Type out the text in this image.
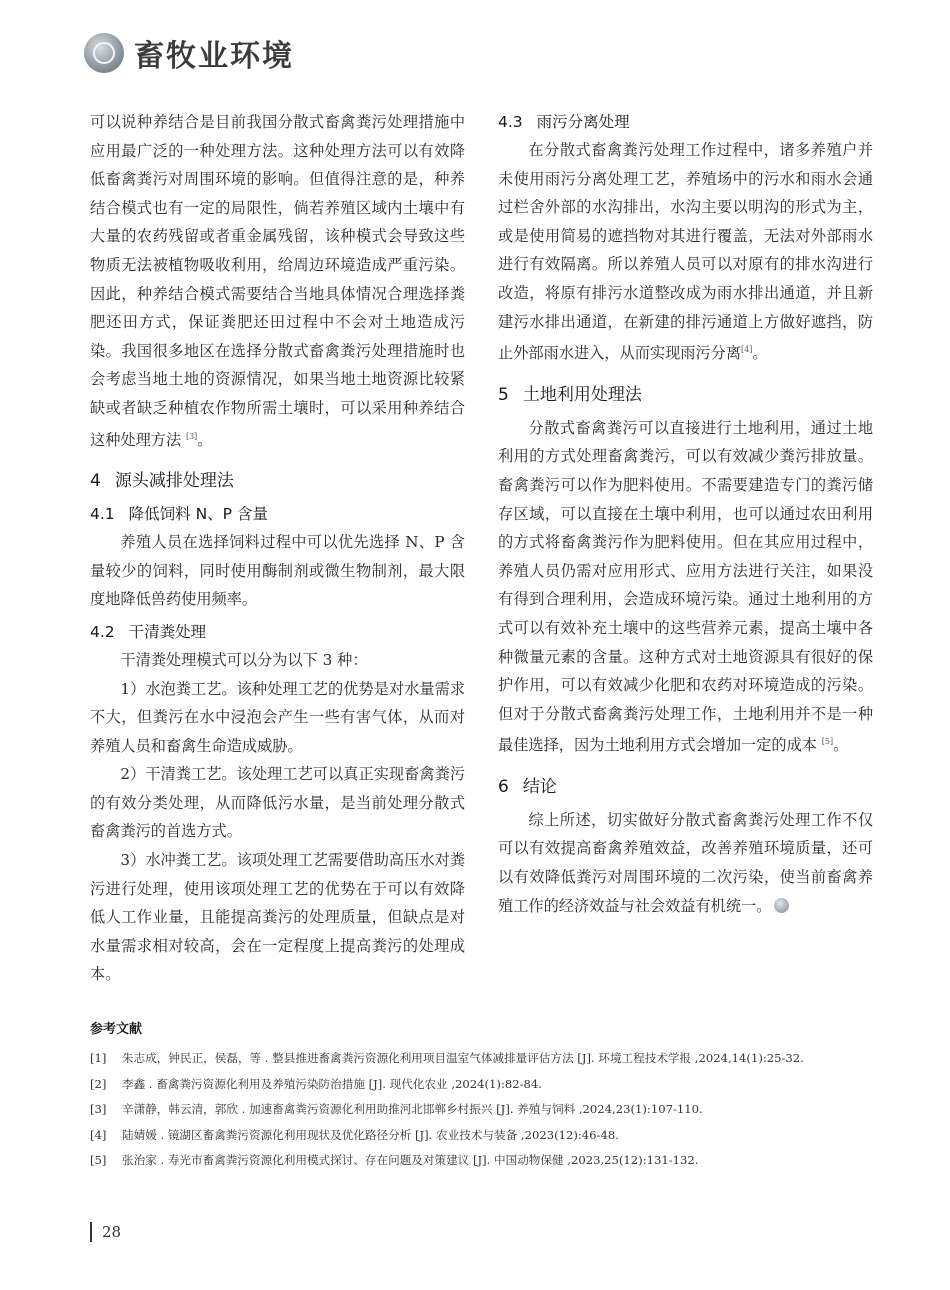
畜牧业环境

可以说种养结合是目前我国分散式畜禽粪污处理措施中应用最广泛的一种处理方法。这种处理方法可以有效降低畜禽粪污对周围环境的影响。但值得注意的是，种养结合模式也有一定的局限性，倘若养殖区域内土壤中有大量的农药残留或者重金属残留，该种模式会导致这些物质无法被植物吸收利用，给周边环境造成严重污染。因此，种养结合模式需要结合当地具体情况合理选择粪肥还田方式，保证粪肥还田过程中不会对土地造成污染。我国很多地区在选择分散式畜禽粪污处理措施时也会考虑当地土地的资源情况，如果当地土地资源比较紧缺或者缺乏种植农作物所需土壤时，可以采用种养结合这种处理方法 [3]。

4 源头减排处理法
4.1 降低饲料 N、P 含量

养殖人员在选择饲料过程中可以优先选择 N、P 含量较少的饲料，同时使用酶制剂或微生物制剂，最大限度地降低兽药使用频率。

4.2 干清粪处理

干清粪处理模式可以分为以下 3 种：

1）水泡粪工艺。该种处理工艺的优势是对水量需求不大，但粪污在水中浸泡会产生一些有害气体，从而对养殖人员和畜禽生命造成威胁。

2）干清粪工艺。该处理工艺可以真正实现畜禽粪污的有效分类处理，从而降低污水量，是当前处理分散式畜禽粪污的首选方式。

3）水冲粪工艺。该项处理工艺需要借助高压水对粪污进行处理，使用该项处理工艺的优势在于可以有效降低人工作业量，且能提高粪污的处理质量，但缺点是对水量需求相对较高，会在一定程度上提高粪污的处理成本。

4.3 雨污分离处理

在分散式畜禽粪污处理工作过程中，诸多养殖户并未使用雨污分离处理工艺，养殖场中的污水和雨水会通过栏舍外部的水沟排出，水沟主要以明沟的形式为主，或是使用简易的遮挡物对其进行覆盖，无法对外部雨水进行有效隔离。所以养殖人员可以对原有的排水沟进行改造，将原有排污水道整改成为雨水排出通道，并且新建污水排出通道，在新建的排污通道上方做好遮挡，防止外部雨水进入，从而实现雨污分离[4]。

5 土地利用处理法

分散式畜禽粪污可以直接进行土地利用，通过土地利用的方式处理畜禽粪污，可以有效减少粪污排放量。畜禽粪污可以作为肥料使用。不需要建造专门的粪污储存区域，可以直接在土壤中利用，也可以通过农田利用的方式将畜禽粪污作为肥料使用。但在其应用过程中，养殖人员仍需对应用形式、应用方法进行关注，如果没有得到合理利用，会造成环境污染。通过土地利用的方式可以有效补充土壤中的这些营养元素，提高土壤中各种微量元素的含量。这种方式对土地资源具有很好的保护作用，可以有效减少化肥和农药对环境造成的污染。但对于分散式畜禽粪污处理工作，土地利用并不是一种最佳选择，因为土地利用方式会增加一定的成本 [5]。

6 结论

综上所述，切实做好分散式畜禽粪污处理工作不仅可以有效提高畜禽养殖效益，改善养殖环境质量，还可以有效降低粪污对周围环境的二次污染，使当前畜禽养殖工作的经济效益与社会效益有机统一。

参考文献
[1]	朱志成，钟民正，侯磊，等 . 整县推进畜禽粪污资源化利用项目温室气体减排量评估方法 [J]. 环境工程技术学报 ,2024,14(1):25-32.
[2]	李鑫 . 畜禽粪污资源化利用及养殖污染防治措施 [J]. 现代化农业 ,2024(1):82-84.
[3]	辛潇静，韩云清，郭欣 . 加速畜禽粪污资源化利用助推河北邯郸乡村振兴 [J]. 养殖与饲料 ,2024,23(1):107-110.
[4]	陆婧媛 . 镜湖区畜禽粪污资源化利用现状及优化路径分析 [J]. 农业技术与装备 ,2023(12):46-48.
[5]	张治家 . 寿光市畜禽粪污资源化利用模式探讨、存在问题及对策建议 [J]. 中国动物保健 ,2023,25(12):131-132.
28
